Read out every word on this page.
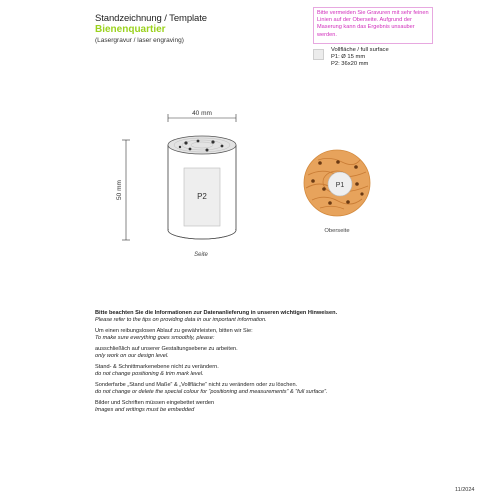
Standzeichnung / Template
Bienenquartier
(Lasergravur / laser engraving)
Bitte vermeiden Sie Gravuren mit sehr feinen Linien auf der Oberseite. Aufgrund der Maserung kann das Ergebnis unsauber werden.
Vollfläche / full surface
P1: Ø 15 mm
P2: 36x20 mm
40 mm
50 mm	P2
Seite
P1
Oberseite
Bitte beachten Sie die Informationen zur Datenanlieferung in unseren wichtigen Hinweisen.
Please refer to the tips on providing data in our important information.
Um einen reibungslosen Ablauf zu gewährleisten, bitten wir Sie:
To make sure everything goes smoothly, please:
ausschließlich auf unserer Gestaltungsebene zu arbeiten.
only work on our design level.
Stand- & Schnittmarkenebene nicht zu verändern.
do not change positioning & trim mark level.
Sonderfarbe „Stand und Maße“ & „Vollfläche“ nicht zu verändern oder zu löschen.
do not change or delete the special colour for “positioning and measurements” & “full surface”.
Bilder und Schriften müssen eingebettet werden
Images and writings must be embedded
11/2024
